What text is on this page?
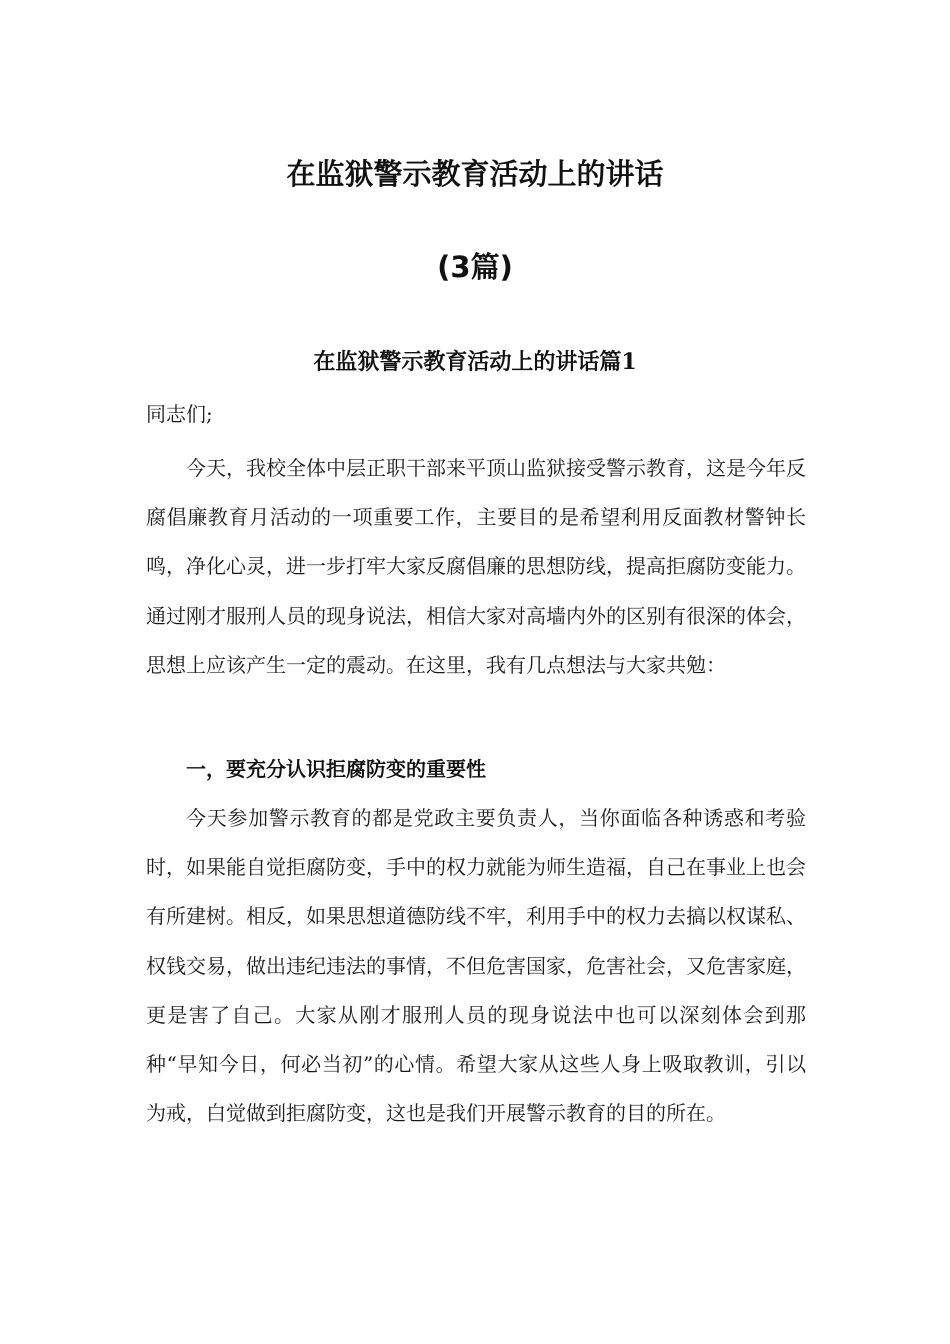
在监狱警示教育活动上的讲话
(3篇)
在监狱警示教育活动上的讲话篇1

同志们;

今天，我校全体中层正职干部来平顶山监狱接受警示教育，这是今年反腐倡廉教育月活动的一项重要工作，主要目的是希望利用反面教材警钟长鸣，净化心灵，进一步打牢大家反腐倡廉的思想防线，提高拒腐防变能力。通过刚才服刑人员的现身说法，相信大家对高墙内外的区别有很深的体会，思想上应该产生一定的震动。在这里，我有几点想法与大家共勉：

一，要充分认识拒腐防变的重要性

今天参加警示教育的都是党政主要负责人，当你面临各种诱惑和考验时，如果能自觉拒腐防变，手中的权力就能为师生造福，自己在事业上也会有所建树。相反，如果思想道德防线不牢，利用手中的权力去搞以权谋私、权钱交易，做出违纪违法的事情，不但危害国家，危害社会，又危害家庭，更是害了自己。大家从刚才服刑人员的现身说法中也可以深刻体会到那种“早知今日，何必当初”的心情。希望大家从这些人身上吸取教训，引以为戒，白觉做到拒腐防变，这也是我们开展警示教育的目的所在。
